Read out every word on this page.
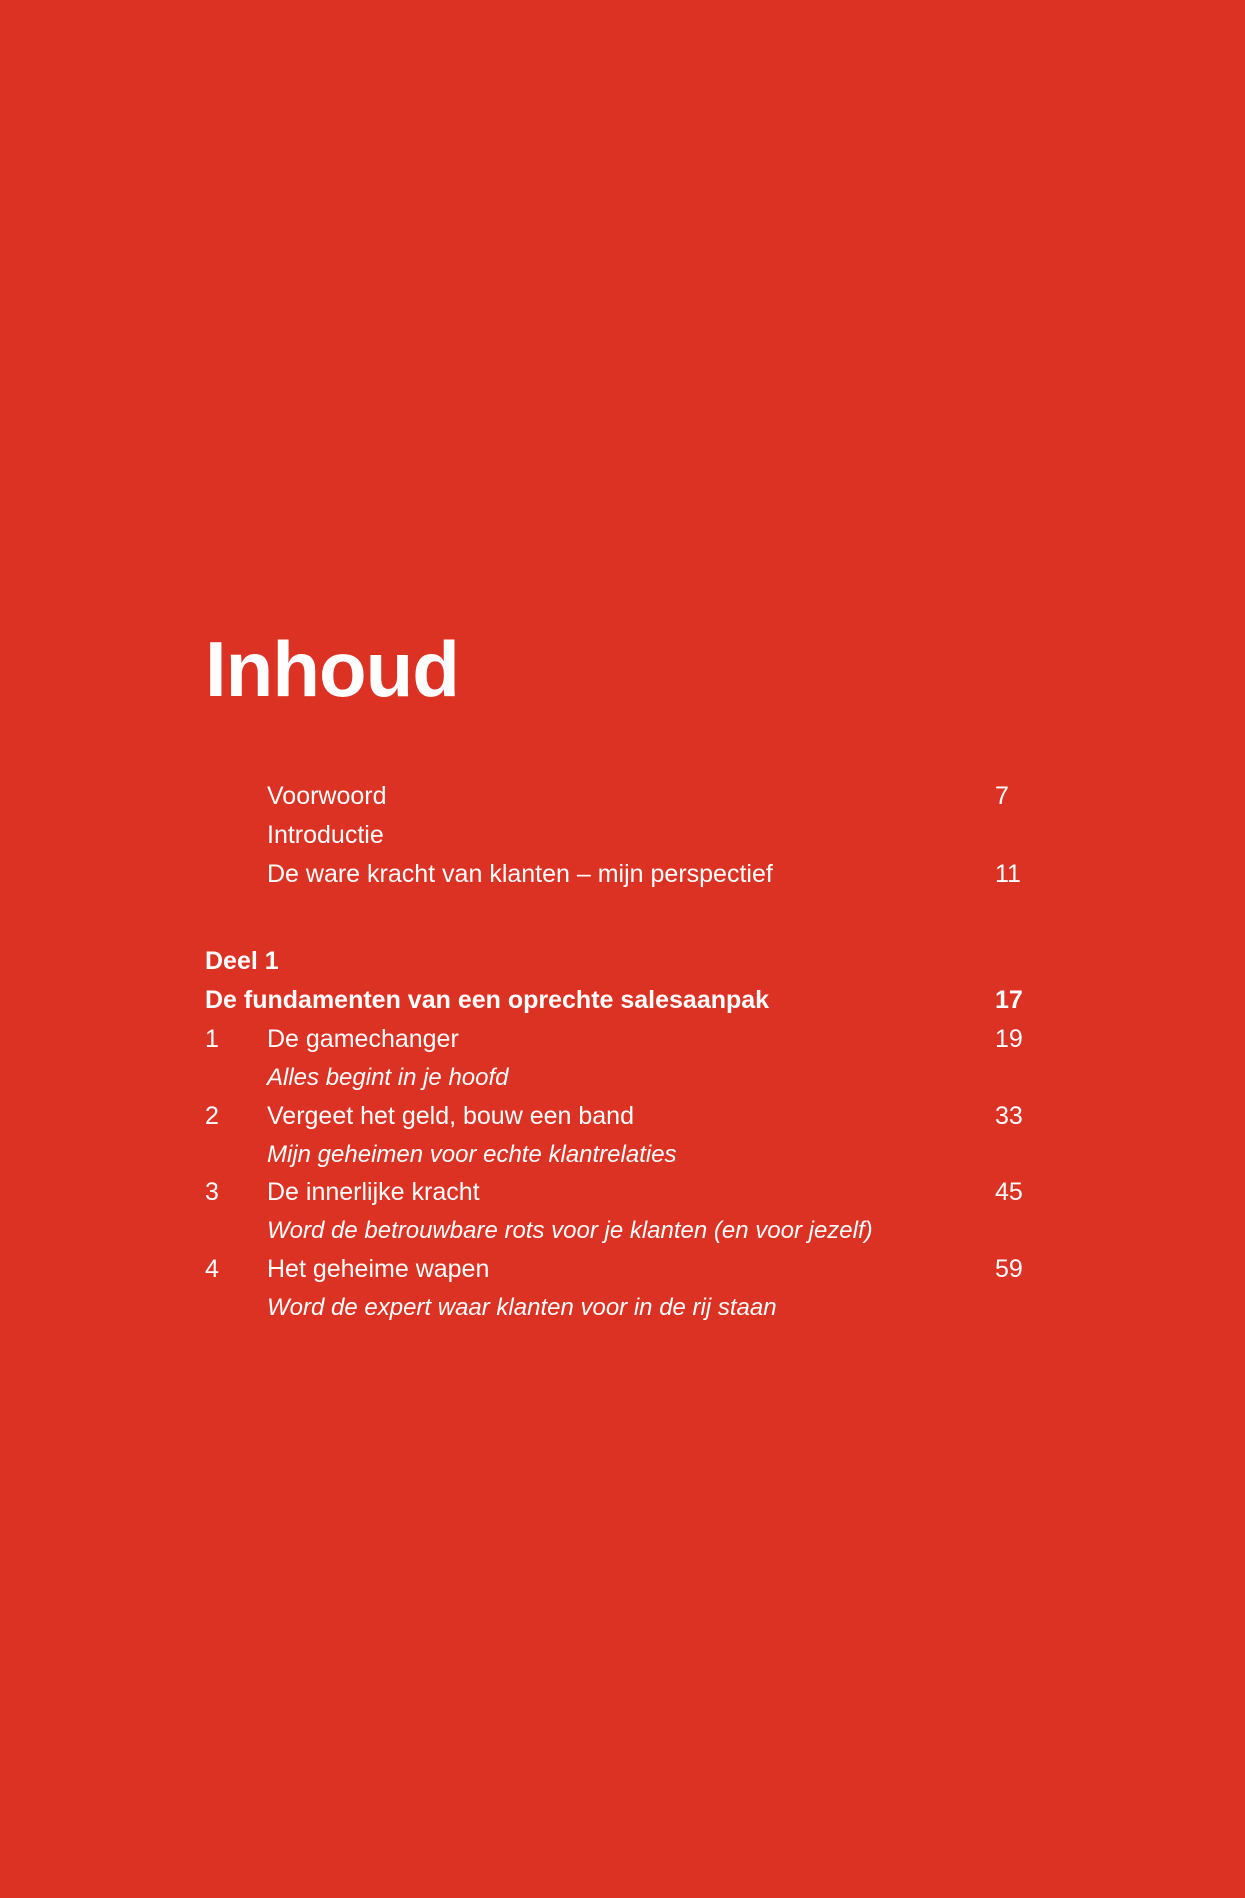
Inhoud
Voorwoord	7
Introductie
De ware kracht van klanten – mijn perspectief	11
Deel 1
De fundamenten van een oprechte salesaanpak	17
1	De gamechanger	19
Alles begint in je hoofd
2	Vergeet het geld, bouw een band	33
Mijn geheimen voor echte klantrelaties
3	De innerlijke kracht	45
Word de betrouwbare rots voor je klanten (en voor jezelf)
4	Het geheime wapen	59
Word de expert waar klanten voor in de rij staan
